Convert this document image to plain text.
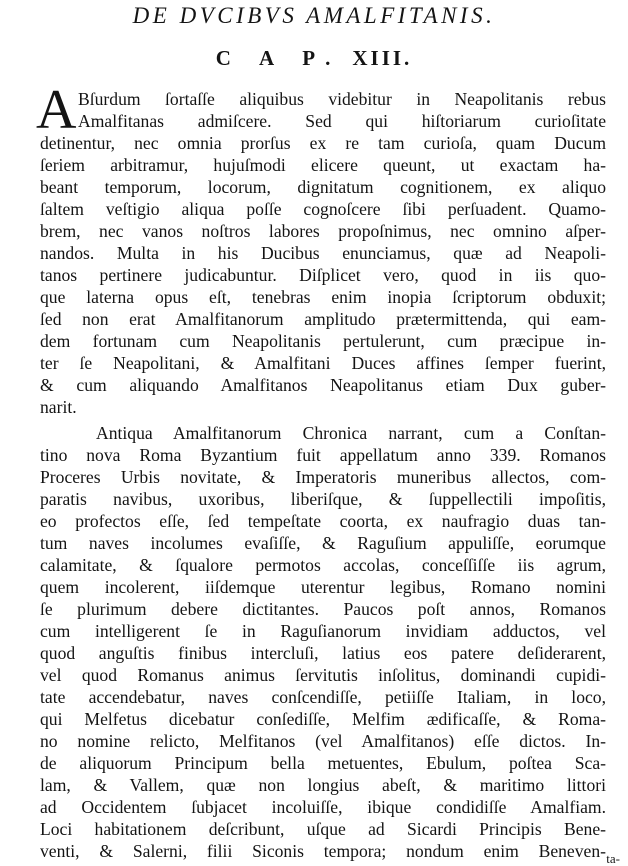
DE DVCIBVS AMALFITANIS.
C A P. XIII.
A Bſurdum ſortaſſe aliquibus videbitur in Neapolitanis rebus
Amalfitanas admiſcere. Sed qui hiſtoriarum curioſitate
detinentur, nec omnia prorſus ex re tam curioſa, quam Ducum
ſeriem arbitramur, hujuſmodi elicere queunt, ut exactam ha-
beant temporum, locorum, dignitatum cognitionem, ex aliquo
ſaltem veſtigio aliqua poſſe cognoſcere ſibi perſuadent. Quamo-
brem, nec vanos noſtros labores propoſnimus, nec omnino aſper-
nandos. Multa in his Ducibus enunciamus, quæ ad Neapoli-
tanos pertinere judicabuntur. Diſplicet vero, quod in iis quo-
que laterna opus eſt, tenebras enim inopia ſcriptorum obduxit;
ſed non erat Amalfitanorum amplitudo prætermittenda, qui eam-
dem fortunam cum Neapolitanis pertulerunt, cum præcipue in-
ter ſe Neapolitani, & Amalfitani Duces affines ſemper fuerint,
& cum aliquando Amalfitanos Neapolitanus etiam Dux guber-
narit.
Antiqua Amalfitanorum Chronica narrant, cum a Conſtan-
tino nova Roma Byzantium fuit appellatum anno 339. Romanos
Proceres Urbis novitate, & Imperatoris muneribus allectos, com-
paratis navibus, uxoribus, liberiſque, & ſuppellectili impoſitis,
eo profectos eſſe, ſed tempeſtate coorta, ex naufragio duas tan-
tum naves incolumes evaſiſſe, & Raguſium appuliſſe, eorumque
calamitate, & ſqualore permotos accolas, conceſſiſſe iis agrum,
quem incolerent, iiſdemque uterentur legibus, Romano nomini
ſe plurimum debere dictitantes. Paucos poſt annos, Romanos
cum intelligerent ſe in Raguſianorum invidiam adductos, vel
quod anguſtis finibus intercluſi, latius eos patere deſiderarent,
vel quod Romanus animus ſervitutis inſolitus, dominandi cupidi-
tate accendebatur, naves conſcendiſſe, petiiſſe Italiam, in loco,
qui Melfetus dicebatur conſediſſe, Melfim ædificaſſe, & Roma-
no nomine relicto, Melfitanos (vel Amalfitanos) eſſe dictos. In-
de aliquorum Principum bella metuentes, Ebulum, poſtea Sca-
lam, & Vallem, quæ non longius abeſt, & maritimo littori
ad Occidentem ſubjacet incoluiſſe, ibique condidiſſe Amalfiam.
Loci habitationem deſcribunt, uſque ad Sicardi Principis Bene-
venti, & Salerni, filii Siconis tempora; nondum enim Beneven- ta-
